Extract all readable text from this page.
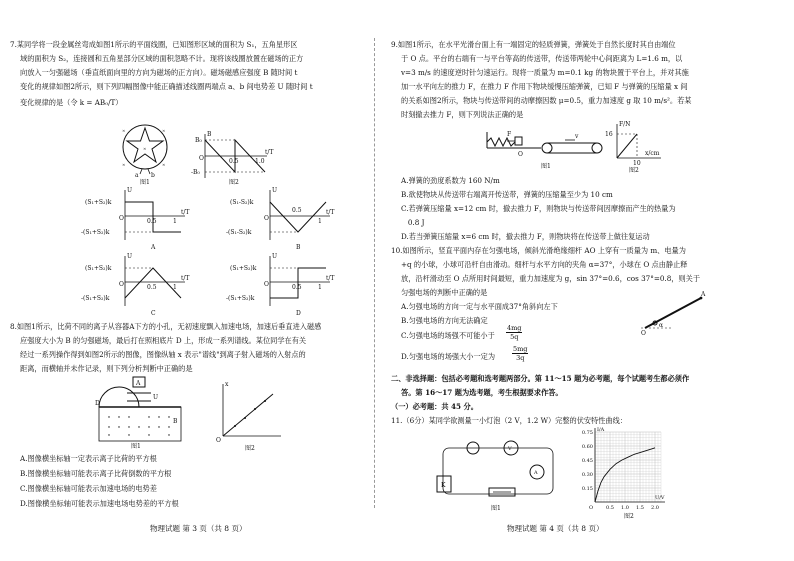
7.某同学将一段金属丝弯成如图1所示的平面线圈，已知图形区域的面积为 S₁，五角星形区
域的面积为 S₂，连接圆和五角星部分区域的面积忽略不计。现将该线圈放置在磁场的正方
向放入一匀强磁场（垂直纸面向里的方向为磁场的正方向）。磁场磁感应强度 B 随时间 t
变化的规律如图2所示，则下列四幅图像中能正确描述线圈两端点 a、b 间电势差 U 随时间 t
变化规律的是（令 k = AB₀/T）
×	×
×	×
×
a b
图1
B
B₀
-B₀
O	0.5	1.0
t/T
图2
U
(S₁+S₂)k
-(S₁+S₂)k
O	0.5	1
t/T
A
U
(S₁-S₂)k
-(S₁-S₂)k
O
0.5
1
t/T
B
U
(S₁+S₂)k
-(S₁+S₂)k
O	0.5	1
t/T
C
U
(S₁+S₂)k
-(S₁+S₂)k
O	0.5	1
t/T
D
8.如图1所示，比荷不同的离子从容器A下方的小孔，无初速度飘入加速电场，加速后垂直进入磁感
应强度大小为 B 的匀强磁场，最后打在照相底片 D 上，形成一系列谱线。某位同学在有关
经过一系列操作得到如图2所示的图像，图像纵轴 x 表示"谱线"到离子射入磁场的入射点的
距离，而横轴并未作记录，则下列分析判断中正确的是
A
U
D
B
图1
x
O
图2
A.图像横坐标轴一定表示离子比荷的平方根
B.图像横坐标轴可能表示离子比荷倒数的平方根
C.图像横坐标轴可能表示加速电场的电势差
D.图像横坐标轴可能表示加速电场电势差的平方根
物理试题 第 3 页（共 8 页）
9.如图1所示，在水平光滑台面上有一端固定的轻质弹簧，弹簧处于自然长度时其自由端位
于 O 点。平台的右端有一与平台等高的传送带，传送带两轮中心间距离为 L=1.6 m，以
v=3 m/s 的速度逆时针匀速运行。现将一质量为 m=0.1 kg 的物块置于平台上，并对其施
加一水平向左的推力 F，在推力 F 作用下物块缓慢压缩弹簧，已知 F 与弹簧的压缩量 x 间
的关系如图2所示，物块与传送带间的动摩擦因数 μ=0.5，重力加速度 g 取 10 m/s²。若某
时刻撤去推力 F，则下列说法正确的是
F
O
v
图1
F/N
16
10
x/cm
图2
A.弹簧的劲度系数为 160 N/m
B.欲使物块从传送带右端离开传送带，弹簧的压缩量至少为 10 cm
C.若弹簧压缩量 x=12 cm 时，撤去推力 F，则物块与传送带间因摩擦而产生的热量为
0.8 J
D.若当弹簧压缩量 x=6 cm 时，撤去推力 F，则物块将在传送带上做往复运动
10.如图所示，竖直平面内存在匀强电场，倾斜光滑绝缘细杆 AO 上穿有一质量为 m、电量为
+q 的小球，小球可沿杆自由滑动。细杆与水平方向的夹角 α=37°，小球在 O 点由静止释
放，沿杆滑动至 O 点所用时间最短，重力加速度为 g，sin 37°=0.6，cos 37°=0.8，则关于
匀强电场的判断中正确的是
A.匀强电场的方向一定与水平面成37°角斜向左下
B.匀强电场的方向无法确定
C.匀强电场的场强不可能小于 $\frac{4mg}{5q}$
D.匀强电场的场强大小一定为	$\frac{5mg}{3q}$
A
O
α
二、非选择题：包括必考题和选考题两部分。第 11～15 题为必考题，每个试题考生都必须作
答。第 16～17 题为选考题，考生根据要求作答。
（一）必考题：共 45 分。
11.（6分）某同学欲测量一小灯泡（2 V，1.2 W）完整的伏安特性曲线：
V
A
K
图1
0.15
0.30
0.45
0.60
0.75
0.5 1.0 1.5 2.0
I/A
U/V
O
图2
物理试题 第 4 页（共 8 页）
